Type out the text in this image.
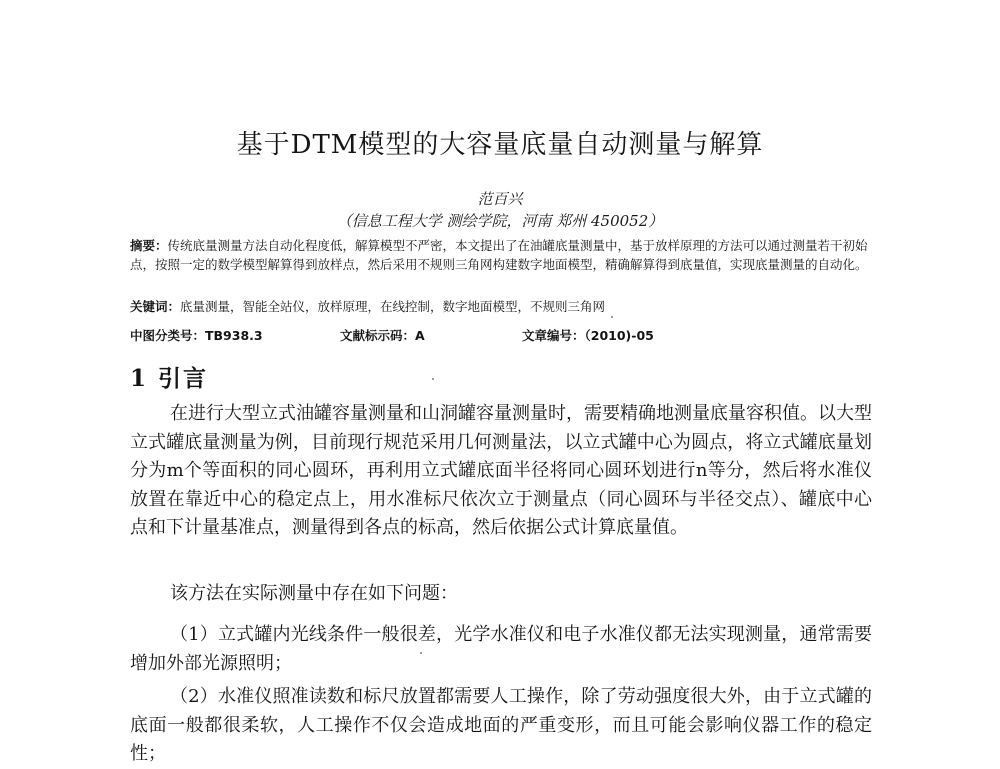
基于DTM模型的大容量底量自动测量与解算
范百兴
（信息工程大学 测绘学院，河南 郑州 450052）
摘要：传统底量测量方法自动化程度低，解算模型不严密，本文提出了在油罐底量测量中，基于放样原理的方法可以通过测量若干初始点，按照一定的数学模型解算得到放样点，然后采用不规则三角网构建数字地面模型，精确解算得到底量值，实现底量测量的自动化。
关键词：底量测量，智能全站仪，放样原理，在线控制，数字地面模型，不规则三角网
中图分类号：TB938.3	文献标示码：A	文章编号：（2010)-05
1 引言
在进行大型立式油罐容量测量和山洞罐容量测量时，需要精确地测量底量容积值。以大型立式罐底量测量为例，目前现行规范采用几何测量法，以立式罐中心为圆点，将立式罐底量划分为m个等面积的同心圆环，再利用立式罐底面半径将同心圆环划进行n等分，然后将水准仪放置在靠近中心的稳定点上，用水准标尺依次立于测量点（同心圆环与半径交点）、罐底中心点和下计量基准点，测量得到各点的标高，然后依据公式计算底量值。
该方法在实际测量中存在如下问题：
（1）立式罐内光线条件一般很差，光学水准仪和电子水准仪都无法实现测量，通常需要增加外部光源照明；
（2）水准仪照准读数和标尺放置都需要人工操作，除了劳动强度很大外，由于立式罐的底面一般都很柔软，人工操作不仅会造成地面的严重变形，而且可能会影响仪器工作的稳定性；
